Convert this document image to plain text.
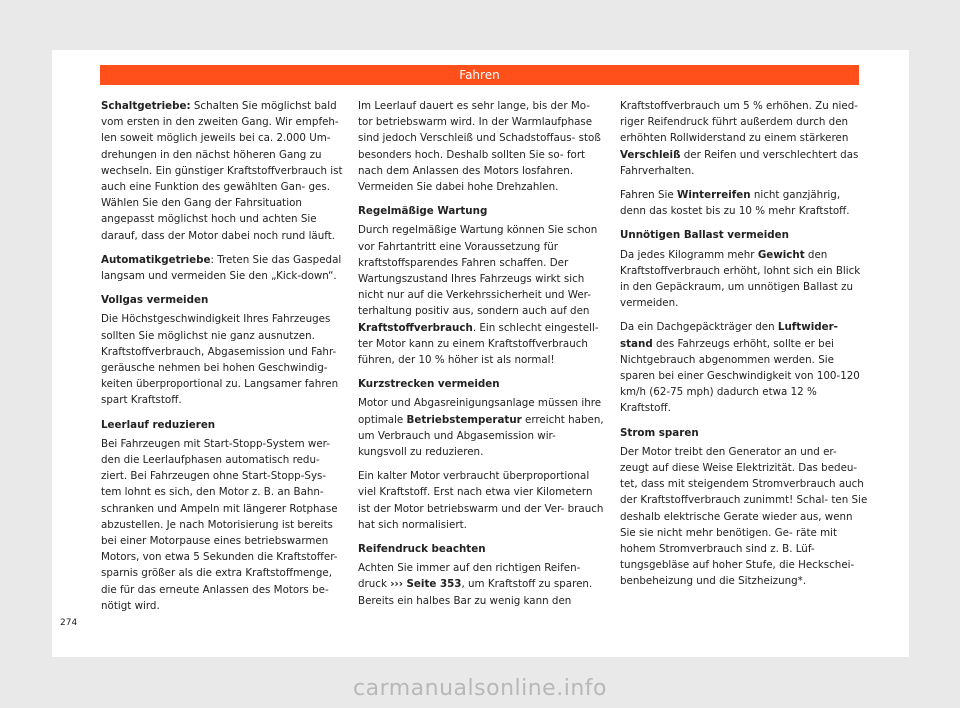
Fahren

Schaltgetriebe: Schalten Sie möglichst bald vom ersten in den zweiten Gang. Wir empfeh- len soweit möglich jeweils bei ca. 2.000 Um- drehungen in den nächst höheren Gang zu wechseln. Ein günstiger Kraftstoffverbrauch ist auch eine Funktion des gewählten Gan- ges. Wählen Sie den Gang der Fahrsituation angepasst möglichst hoch und achten Sie darauf, dass der Motor dabei noch rund läuft.

Automatikgetriebe: Treten Sie das Gaspedal langsam und vermeiden Sie den „Kick-down“.

Vollgas vermeiden

Die Höchstgeschwindigkeit Ihres Fahrzeuges sollten Sie möglichst nie ganz ausnutzen. Kraftstoffverbrauch, Abgasemission und Fahr- geräusche nehmen bei hohen Geschwindig- keiten überproportional zu. Langsamer fahren spart Kraftstoff.

Leerlauf reduzieren

Bei Fahrzeugen mit Start-Stopp-System wer- den die Leerlaufphasen automatisch redu- ziert. Bei Fahrzeugen ohne Start-Stopp-Sys- tem lohnt es sich, den Motor z. B. an Bahn- schranken und Ampeln mit längerer Rotphase abzustellen. Je nach Motorisierung ist bereits bei einer Motorpause eines betriebswarmen Motors, von etwa 5 Sekunden die Kraftstoffer- sparnis größer als die extra Kraftstoffmenge, die für das erneute Anlassen des Motors be- nötigt wird.

Im Leerlauf dauert es sehr lange, bis der Mo- tor betriebswarm wird. In der Warmlaufphase sind jedoch Verschleiß und Schadstoffaus- stoß besonders hoch. Deshalb sollten Sie so- fort nach dem Anlassen des Motors losfahren. Vermeiden Sie dabei hohe Drehzahlen.

Regelmäßige Wartung

Durch regelmäßige Wartung können Sie schon vor Fahrtantritt eine Voraussetzung für kraftstoffsparendes Fahren schaffen. Der Wartungszustand Ihres Fahrzeugs wirkt sich nicht nur auf die Verkehrssicherheit und Wer- terhaltung positiv aus, sondern auch auf den Kraftstoffverbrauch. Ein schlecht eingestell- ter Motor kann zu einem Kraftstoffverbrauch führen, der 10 % höher ist als normal!

Kurzstrecken vermeiden

Motor und Abgasreinigungsanlage müssen ihre optimale Betriebstemperatur erreicht haben, um Verbrauch und Abgasemission wir- kungsvoll zu reduzieren.

Ein kalter Motor verbraucht überproportional viel Kraftstoff. Erst nach etwa vier Kilometern ist der Motor betriebswarm und der Ver- brauch hat sich normalisiert.

Reifendruck beachten

Achten Sie immer auf den richtigen Reifen- druck ››› Seite 353, um Kraftstoff zu sparen. Bereits ein halbes Bar zu wenig kann den

Kraftstoffverbrauch um 5 % erhöhen. Zu nied- riger Reifendruck führt außerdem durch den erhöhten Rollwiderstand zu einem stärkeren Verschleiß der Reifen und verschlechtert das Fahrverhalten.

Fahren Sie Winterreifen nicht ganzjährig, denn das kostet bis zu 10 % mehr Kraftstoff.

Unnötigen Ballast vermeiden

Da jedes Kilogramm mehr Gewicht den Kraftstoffverbrauch erhöht, lohnt sich ein Blick in den Gepäckraum, um unnötigen Ballast zu vermeiden.

Da ein Dachgepäckträger den Luftwider- stand des Fahrzeugs erhöht, sollte er bei Nichtgebrauch abgenommen werden. Sie sparen bei einer Geschwindigkeit von 100-120 km/h (62-75 mph) dadurch etwa 12 % Kraftstoff.

Strom sparen

Der Motor treibt den Generator an und er- zeugt auf diese Weise Elektrizität. Das bedeu- tet, dass mit steigendem Stromverbrauch auch der Kraftstoffverbrauch zunimmt! Schal- ten Sie deshalb elektrische Gerate wieder aus, wenn Sie sie nicht mehr benötigen. Ge- räte mit hohem Stromverbrauch sind z. B. Lüf- tungsgebläse auf hoher Stufe, die Heckschei- benbeheizung und die Sitzheizung*.

274
carmanualsonline.info
